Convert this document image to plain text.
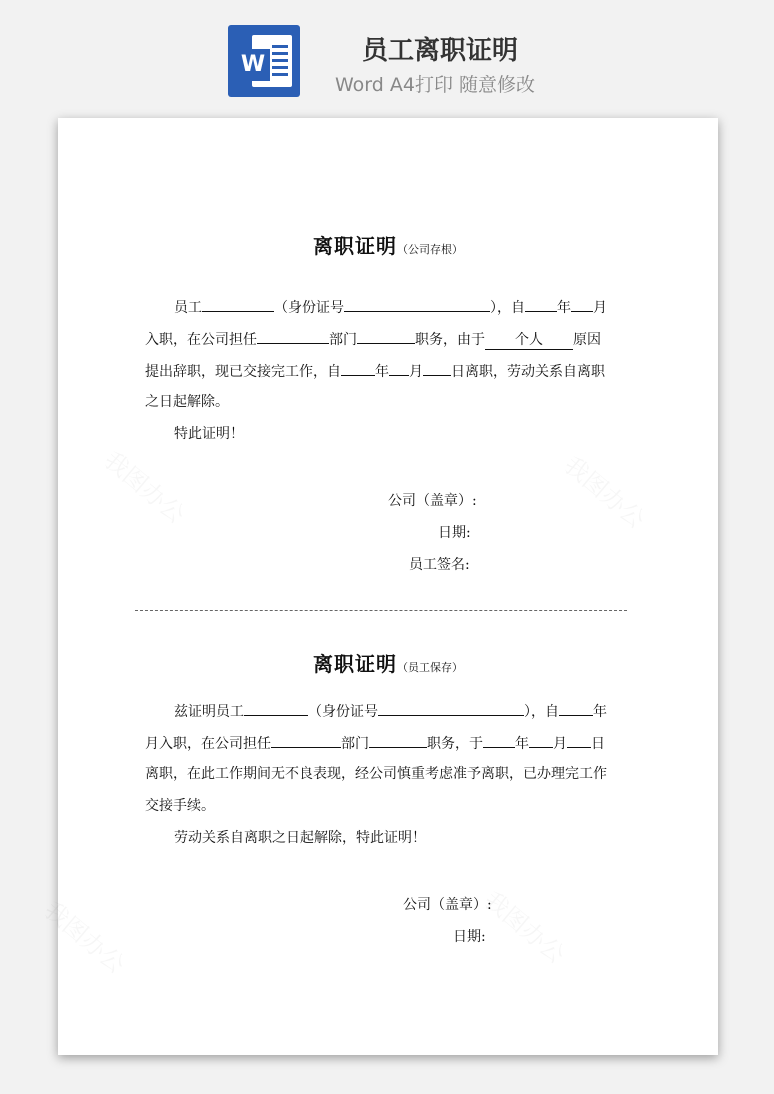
W	员工离职证明
Word A4打印 随意修改
离职证明（公司存根）
员工	（身份证号	），自 年 月
入职，在公司担任	部门	职务，由于 个人 原因
提出辞职，现已交接完工作，自 年 月 日离职，劳动关系自离职
之日起解除。
特此证明！
公司（盖章）:
日期:
员工签名:
离职证明（员工保存）
兹证明员工	（身份证号	），自 年
月入职，在公司担任	部门	职务，于 年 月 日
离职，在此工作期间无不良表现，经公司慎重考虑准予离职，已办理完工作
交接手续。
劳动关系自离职之日起解除，特此证明！
公司（盖章）:
日期:
